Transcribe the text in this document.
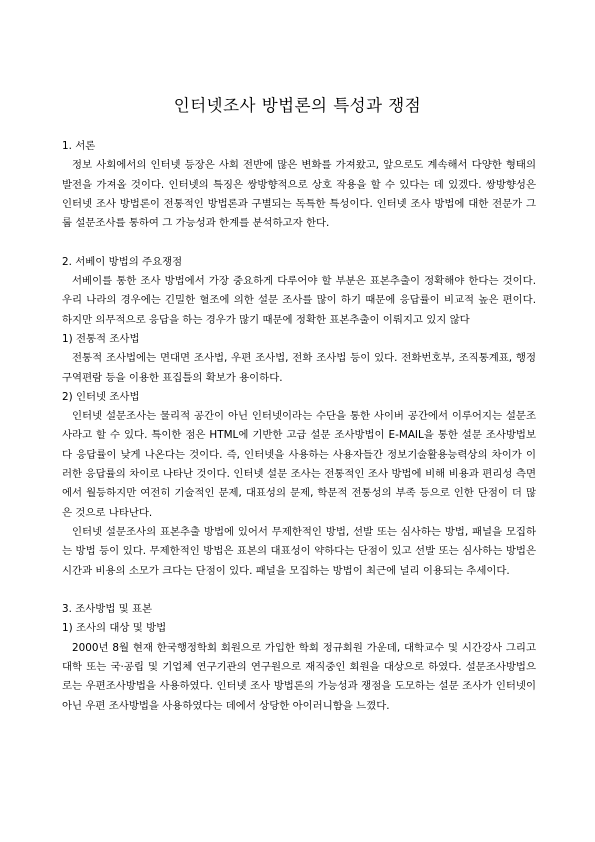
인터넷조사 방법론의 특성과 쟁점

1. 서론

정보 사회에서의 인터넷 등장은 사회 전반에 많은 변화를 가져왔고, 앞으로도 계속해서 다양한 형태의 발전을 가져올 것이다. 인터넷의 특징은 쌍방향적으로 상호 작용을 할 수 있다는 데 있겠다. 쌍방향성은 인터넷 조사 방법론이 전통적인 방법론과 구별되는 독특한 특성이다. 인터넷 조사 방법에 대한 전문가 그룹 설문조사를 통하여 그 가능성과 한계를 분석하고자 한다.

2. 서베이 방법의 주요쟁점

서베이를 통한 조사 방법에서 가장 중요하게 다루어야 할 부분은 표본추출이 정확해야 한다는 것이다. 우리 나라의 경우에는 긴밀한 혈조에 의한 설문 조사를 많이 하기 때문에 응답률이 비교적 높은 편이다. 하지만 의무적으로 응답을 하는 경우가 많기 때문에 정확한 표본추출이 이뤄지고 있지 않다

1) 전통적 조사법

전통적 조사법에는 면대면 조사법, 우편 조사법, 전화 조사법 등이 있다. 전화번호부, 조직통계표, 행정구역편람 등을 이용한 표집틀의 확보가 용이하다.

2) 인터넷 조사법

인터넷 설문조사는 물리적 공간이 아닌 인터넷이라는 수단을 통한 사이버 공간에서 이루어지는 설문조사라고 할 수 있다. 특이한 점은 HTML에 기반한 고급 설문 조사방법이 E-MAIL을 통한 설문 조사방법보다 응답률이 낮게 나온다는 것이다. 즉, 인터넷을 사용하는 사용자들간 정보기술활용능력상의 차이가 이러한 응답률의 차이로 나타난 것이다. 인터넷 설문 조사는 전통적인 조사 방법에 비해 비용과 편리성 측면에서 월등하지만 여전히 기술적인 문제, 대표성의 문제, 학문적 전통성의 부족 등으로 인한 단점이 더 많은 것으로 나타난다.

인터넷 설문조사의 표본추출 방법에 있어서 무제한적인 방법, 선발 또는 심사하는 방법, 패널을 모집하는 방법 등이 있다. 무제한적인 방법은 표본의 대표성이 약하다는 단점이 있고 선발 또는 심사하는 방법은 시간과 비용의 소모가 크다는 단점이 있다. 패널을 모집하는 방법이 최근에 널리 이용되는 추세이다.

3. 조사방법 및 표본

1) 조사의 대상 및 방법

2000년 8월 현재 한국행정학회 회원으로 가입한 학회 정규회원 가운데, 대학교수 및 시간강사 그리고 대학 또는 국·공립 및 기업체 연구기관의 연구원으로 재직중인 회원을 대상으로 하였다. 설문조사방법으로는 우편조사방법을 사용하였다. 인터넷 조사 방법론의 가능성과 쟁점을 도모하는 설문 조사가 인터넷이 아닌 우편 조사방법을 사용하였다는 데에서 상당한 아이러니함을 느꼈다.
